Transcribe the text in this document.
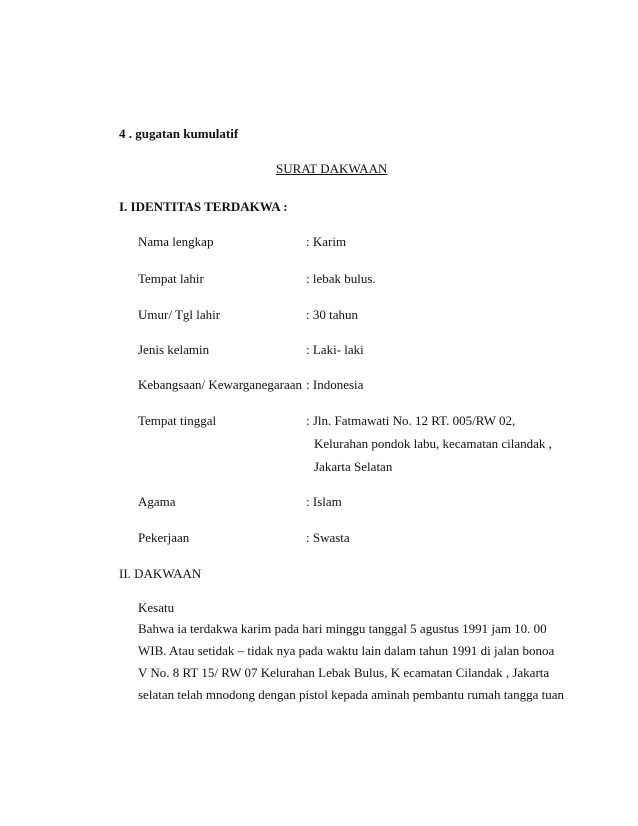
4 . gugatan kumulatif
SURAT DAKWAAN
I. IDENTITAS TERDAKWA :
Nama lengkap	: Karim
Tempat lahir	: lebak bulus.
Umur/ Tgl lahir	: 30 tahun
Jenis kelamin	: Laki- laki
Kebangsaan/ Kewarganegaraan : Indonesia
Tempat tinggal	: Jln. Fatmawati No. 12 RT. 005/RW 02,
Kelurahan pondok labu, kecamatan cilandak ,
Jakarta Selatan
Agama	: Islam
Pekerjaan	: Swasta
II. DAKWAAN
Kesatu
Bahwa ia terdakwa karim pada hari minggu tanggal 5 agustus 1991 jam 10. 00
WIB. Atau setidak – tidak nya pada waktu lain dalam tahun 1991 di jalan bonoa
V No. 8 RT 15/ RW 07 Kelurahan Lebak Bulus, K ecamatan Cilandak , Jakarta
selatan telah mnodong dengan pistol kepada aminah pembantu rumah tangga tuan
